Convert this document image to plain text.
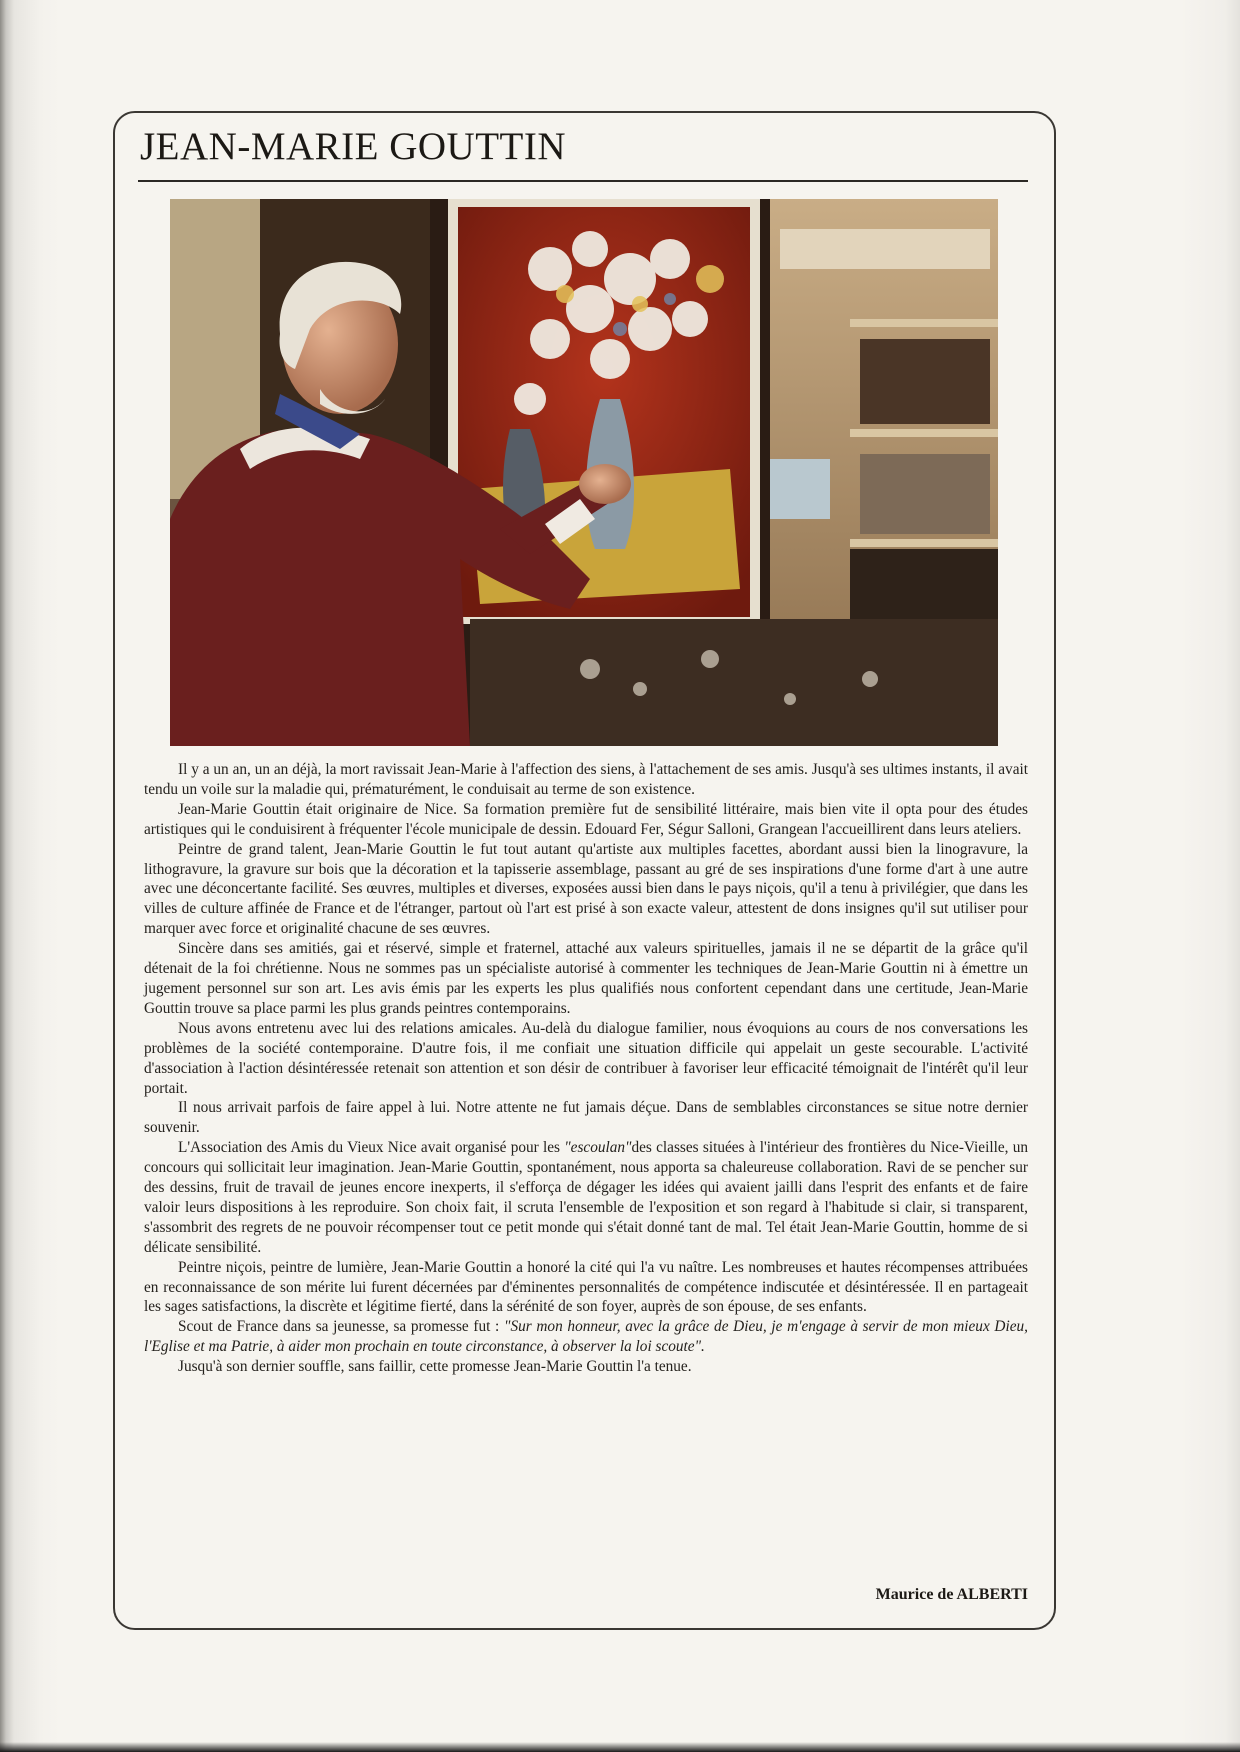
JEAN-MARIE GOUTTIN

Il y a un an, un an déjà, la mort ravissait Jean-Marie à l'affection des siens, à l'attachement de ses amis. Jusqu'à ses ultimes instants, il avait tendu un voile sur la maladie qui, prématurément, le conduisait au terme de son existence.

Jean-Marie Gouttin était originaire de Nice. Sa formation première fut de sensibilité littéraire, mais bien vite il opta pour des études artistiques qui le conduisirent à fréquenter l'école municipale de dessin. Edouard Fer, Ségur Salloni, Grangean l'accueillirent dans leurs ateliers.

Peintre de grand talent, Jean-Marie Gouttin le fut tout autant qu'artiste aux multiples facettes, abordant aussi bien la linogravure, la lithogravure, la gravure sur bois que la décoration et la tapisserie assemblage, passant au gré de ses inspirations d'une forme d'art à une autre avec une déconcertante facilité. Ses œuvres, multiples et diverses, exposées aussi bien dans le pays niçois, qu'il a tenu à privilégier, que dans les villes de culture affinée de France et de l'étranger, partout où l'art est prisé à son exacte valeur, attestent de dons insignes qu'il sut utiliser pour marquer avec force et originalité chacune de ses œuvres.

Sincère dans ses amitiés, gai et réservé, simple et fraternel, attaché aux valeurs spirituelles, jamais il ne se départit de la grâce qu'il détenait de la foi chrétienne. Nous ne sommes pas un spécialiste autorisé à commenter les techniques de Jean-Marie Gouttin ni à émettre un jugement personnel sur son art. Les avis émis par les experts les plus qualifiés nous confortent cependant dans une certitude, Jean-Marie Gouttin trouve sa place parmi les plus grands peintres contemporains.

Nous avons entretenu avec lui des relations amicales. Au-delà du dialogue familier, nous évoquions au cours de nos conversations les problèmes de la société contemporaine. D'autre fois, il me confiait une situation difficile qui appelait un geste secourable. L'activité d'association à l'action désintéressée retenait son attention et son désir de contribuer à favoriser leur efficacité témoignait de l'intérêt qu'il leur portait.

Il nous arrivait parfois de faire appel à lui. Notre attente ne fut jamais déçue. Dans de semblables circonstances se situe notre dernier souvenir.

L'Association des Amis du Vieux Nice avait organisé pour les "escoulan"des classes situées à l'intérieur des frontières du Nice-Vieille, un concours qui sollicitait leur imagination. Jean-Marie Gouttin, spontanément, nous apporta sa chaleureuse collaboration. Ravi de se pencher sur des dessins, fruit de travail de jeunes encore inexperts, il s'efforça de dégager les idées qui avaient jailli dans l'esprit des enfants et de faire valoir leurs dispositions à les reproduire. Son choix fait, il scruta l'ensemble de l'exposition et son regard à l'habitude si clair, si transparent, s'assombrit des regrets de ne pouvoir récompenser tout ce petit monde qui s'était donné tant de mal. Tel était Jean-Marie Gouttin, homme de si délicate sensibilité.

Peintre niçois, peintre de lumière, Jean-Marie Gouttin a honoré la cité qui l'a vu naître. Les nombreuses et hautes récompenses attribuées en reconnaissance de son mérite lui furent décernées par d'éminentes personnalités de compétence indiscutée et désintéressée. Il en partageait les sages satisfactions, la discrète et légitime fierté, dans la sérénité de son foyer, auprès de son épouse, de ses enfants.

Scout de France dans sa jeunesse, sa promesse fut : "Sur mon honneur, avec la grâce de Dieu, je m'engage à servir de mon mieux Dieu, l'Eglise et ma Patrie, à aider mon prochain en toute circonstance, à observer la loi scoute".

Jusqu'à son dernier souffle, sans faillir, cette promesse Jean-Marie Gouttin l'a tenue.

Maurice de ALBERTI
